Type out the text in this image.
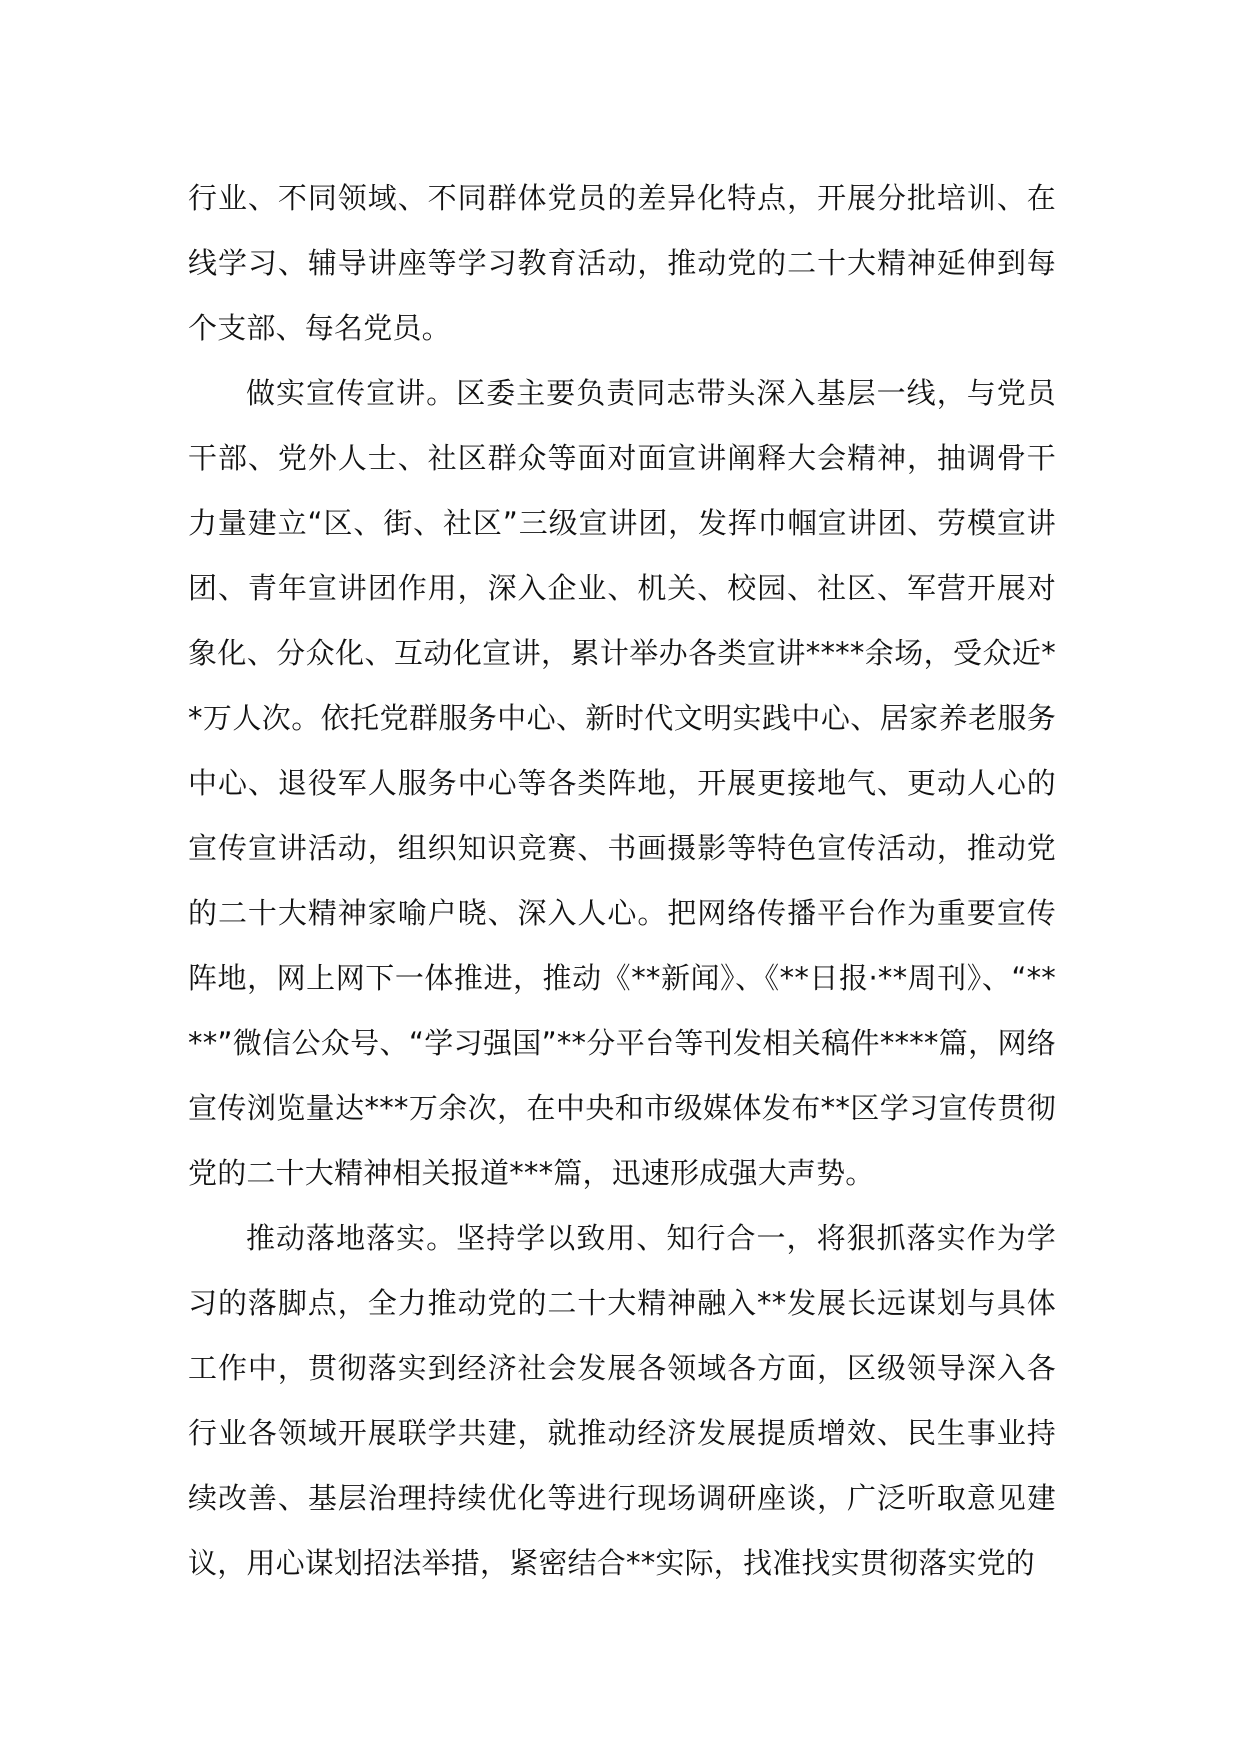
行业、不同领域、不同群体党员的差异化特点，开展分批培训、在线学习、辅导讲座等学习教育活动，推动党的二十大精神延伸到每个支部、每名党员。

做实宣传宣讲。区委主要负责同志带头深入基层一线，与党员干部、党外人士、社区群众等面对面宣讲阐释大会精神，抽调骨干力量建立“区、街、社区”三级宣讲团，发挥巾帼宣讲团、劳模宣讲团、青年宣讲团作用，深入企业、机关、校园、社区、军营开展对象化、分众化、互动化宣讲，累计举办各类宣讲****余场，受众近**万人次。依托党群服务中心、新时代文明实践中心、居家养老服务中心、退役军人服务中心等各类阵地，开展更接地气、更动人心的宣传宣讲活动，组织知识竞赛、书画摄影等特色宣传活动，推动党的二十大精神家喻户晓、深入人心。把网络传播平台作为重要宣传阵地，网上网下一体推进，推动《**新闻》、《**日报·**周刊》、“****”微信公众号、“学习强国”**分平台等刊发相关稿件****篇，网络宣传浏览量达***万余次，在中央和市级媒体发布**区学习宣传贯彻党的二十大精神相关报道***篇，迅速形成强大声势。

推动落地落实。坚持学以致用、知行合一，将狠抓落实作为学习的落脚点，全力推动党的二十大精神融入**发展长远谋划与具体工作中，贯彻落实到经济社会发展各领域各方面，区级领导深入各行业各领域开展联学共建，就推动经济发展提质增效、民生事业持续改善、基层治理持续优化等进行现场调研座谈，广泛听取意见建议，用心谋划招法举措，紧密结合**实际，找准找实贯彻落实党的
